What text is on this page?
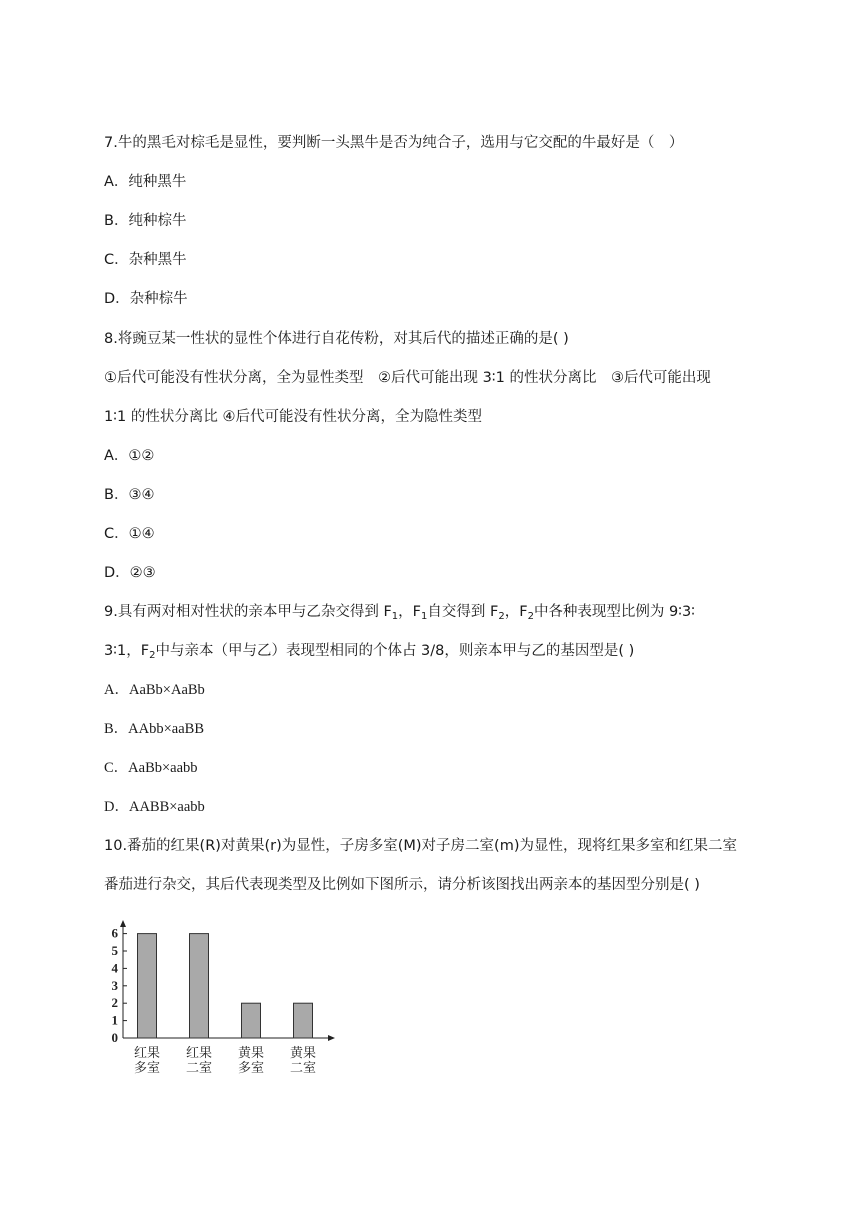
7.牛的黑毛对棕毛是显性，要判断一头黑牛是否为纯合子，选用与它交配的牛最好是（　）
A．纯种黑牛
B．纯种棕牛
C．杂种黑牛
D．杂种棕牛
8.将豌豆某一性状的显性个体进行自花传粉，对其后代的描述正确的是( )
①后代可能没有性状分离，全为显性类型　②后代可能出现 3∶1 的性状分离比　③后代可能出现
1∶1 的性状分离比 ④后代可能没有性状分离，全为隐性类型
A．①②
B．③④
C．①④
D．②③
9.具有两对相对性状的亲本甲与乙杂交得到 $F_1$，$F_1$自交得到 $F_2$，$F_2$中各种表现型比例为 9∶3∶
3∶1，$F_2$中与亲本（甲与乙）表现型相同的个体占 3/8，则亲本甲与乙的基因型是( )
A．AaBb×AaBb
B．AAbb×aaBB
C．AaBb×aabb
D．AABB×aabb
10.番茄的红果(R)对黄果(r)为显性，子房多室(M)对子房二室(m)为显性，现将红果多室和红果二室
番茄进行杂交，其后代表现类型及比例如下图所示，请分析该图找出两亲本的基因型分别是( )
0
1
2
3
4
5
6
红果
多室
红果
二室
黄果
多室
黄果
二室
